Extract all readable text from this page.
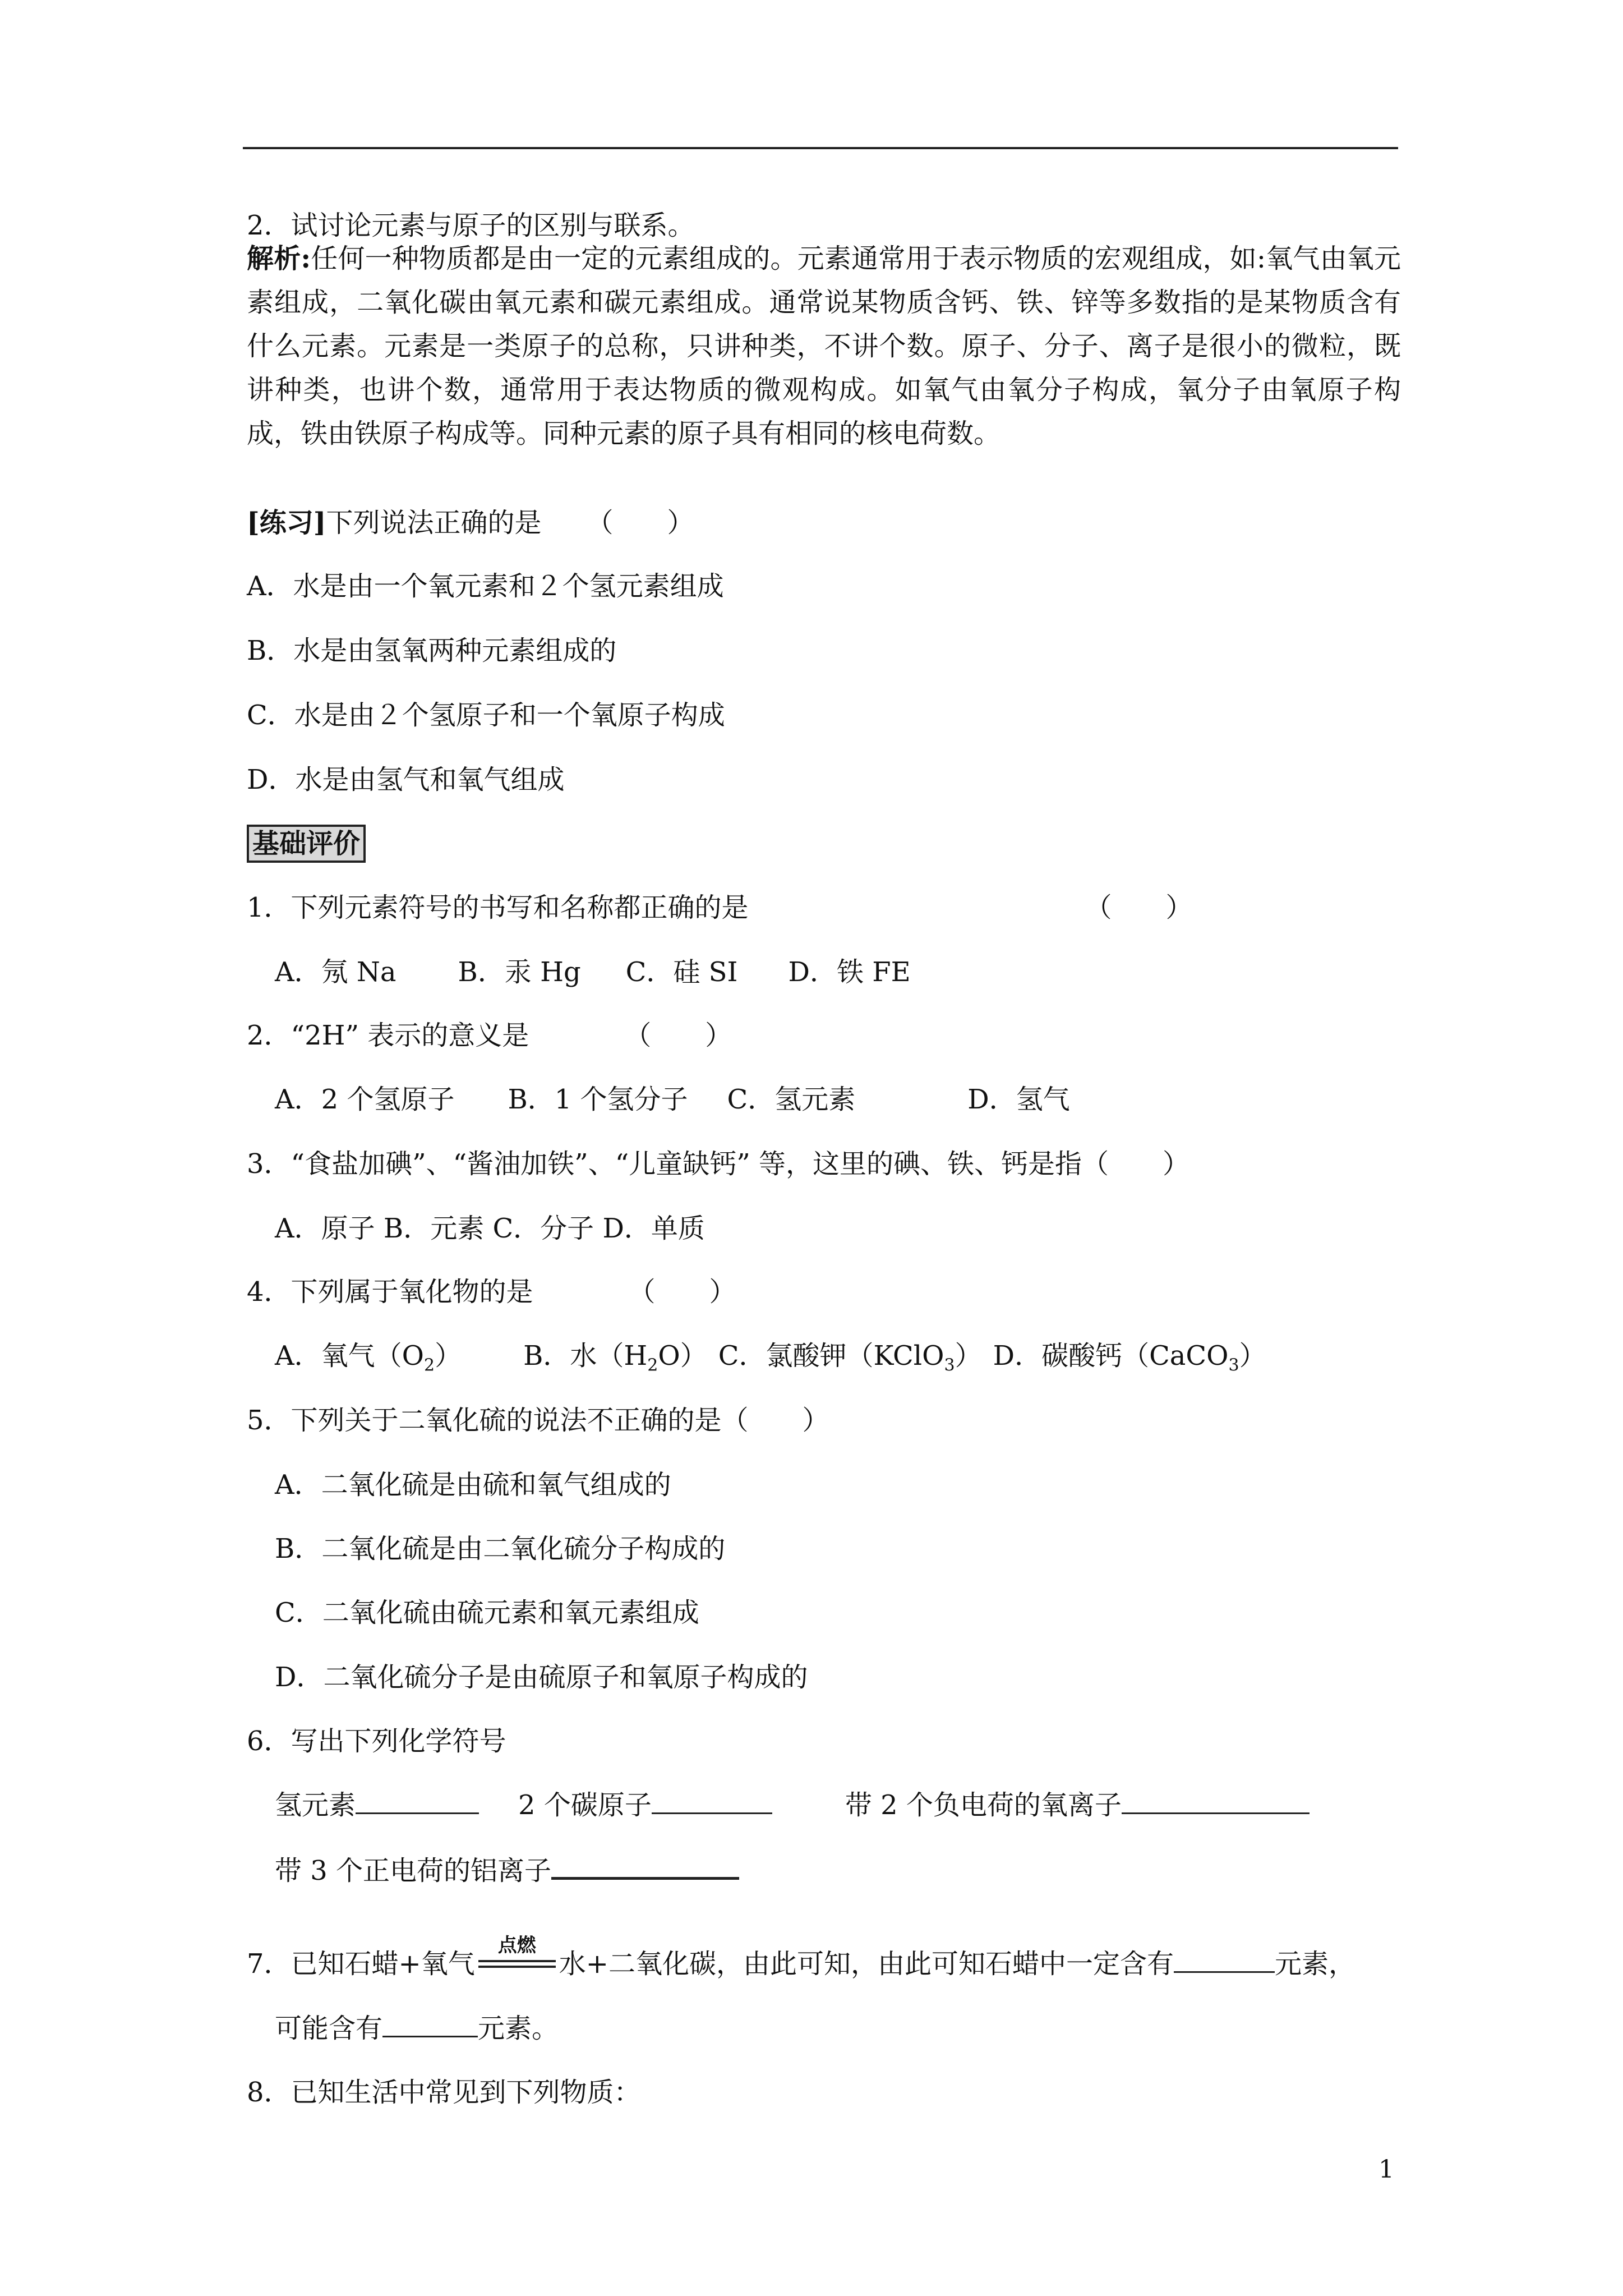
2．试讨论元素与原子的区别与联系。
解析:任何一种物质都是由一定的元素组成的。元素通常用于表示物质的宏观组成，如:氧气由氧元素组成，二氧化碳由氧元素和碳元素组成。通常说某物质含钙、铁、锌等多数指的是某物质含有什么元素。元素是一类原子的总称，只讲种类，不讲个数。原子、分子、离子是很小的微粒，既讲种类，也讲个数，通常用于表达物质的微观构成。如氧气由氧分子构成，氧分子由氧原子构成，铁由铁原子构成等。同种元素的原子具有相同的核电荷数。
[练习]下列说法正确的是 （　　）
A．水是由一个氧元素和２个氢元素组成
B．水是由氢氧两种元素组成的
C．水是由２个氢原子和一个氧原子构成
D．水是由氢气和氧气组成
基础评价
1．下列元素符号的书写和名称都正确的是	（　　）
A．氖 Na B．汞 Hg C．硅 SI D．铁 FE
2．“2H” 表示的意义是	（　　）
A．2 个氢原子 B．1 个氢分子 C．氢元素	D．氢气
3．“食盐加碘”、“酱油加铁”、“儿童缺钙” 等，这里的碘、铁、钙是指（　　）
A．原子 B．元素 C．分子 D．单质
4．下列属于氧化物的是	（　　）
A．氧气$(O_2)$ B．水$(H_2O)$ C．氯酸钾（KClO$_3$） D．碳酸钙（CaCO$_3$）
5．下列关于二氧化硫的说法不正确的是（　　）
A．二氧化硫是由硫和氧气组成的
B．二氧化硫是由二氧化硫分子构成的
C．二氧化硫由硫元素和氧元素组成
D．二氧化硫分子是由硫原子和氧原子构成的
6．写出下列化学符号
氢元素	2 个碳原子	带 2 个负电荷的氧离子
带 3 个正电荷的铝离子
7．已知石蜡+氧气
点燃
水+二氧化碳，由此可知，由此可知石蜡中一定含有	元素，
可能含有	元素。
8．已知生活中常见到下列物质：
1
